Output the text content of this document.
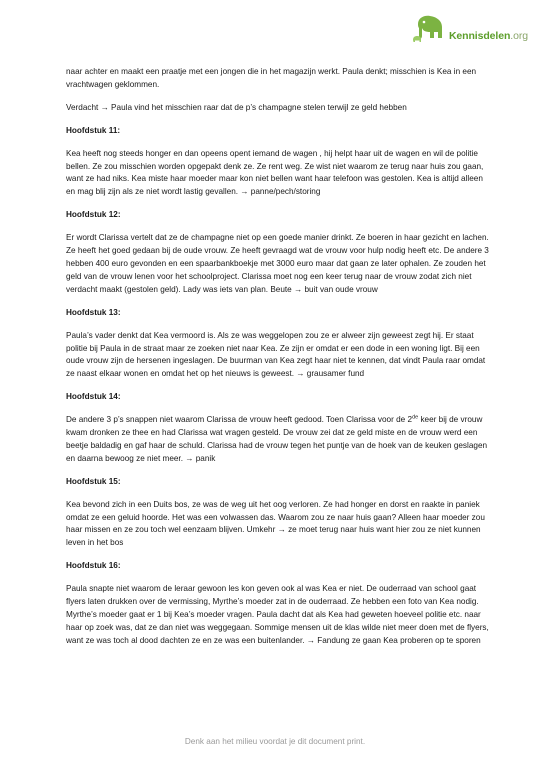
Kennisdelen.org

naar achter en maakt een praatje met een jongen die in het magazijn werkt. Paula denkt; misschien is Kea in een vrachtwagen geklommen.

Verdacht → Paula vind het misschien raar dat de p’s champagne stelen terwijl ze geld hebben

Hoofdstuk 11:

Kea heeft nog steeds honger en dan opeens opent iemand de wagen , hij helpt haar uit de wagen en wil de politie bellen. Ze zou misschien worden opgepakt denk ze. Ze rent weg. Ze wist niet waarom ze terug naar huis zou gaan, want ze had niks. Kea miste haar moeder maar kon niet bellen want haar telefoon was gestolen. Kea is altijd alleen en mag blij zijn als ze niet wordt lastig gevallen. → panne/pech/storing

Hoofdstuk 12:

Er wordt Clarissa vertelt dat ze de champagne niet op een goede manier drinkt. Ze boeren in haar gezicht en lachen. Ze heeft het goed gedaan bij de oude vrouw. Ze heeft gevraagd wat de vrouw voor hulp nodig heeft etc. De andere 3 hebben 400 euro gevonden en een spaarbankboekje met 3000 euro maar dat gaan ze later ophalen. Ze zouden het geld van de vrouw lenen voor het schoolproject. Clarissa moet nog een keer terug naar de vrouw zodat zich niet verdacht maakt (gestolen geld). Lady was iets van plan. Beute → buit van oude vrouw

Hoofdstuk 13:

Paula’s vader denkt dat Kea vermoord is. Als ze was weggelopen zou ze er alweer zijn geweest zegt hij. Er staat politie bij Paula in de straat maar ze zoeken niet naar Kea. Ze zijn er omdat er een dode in een woning ligt. Bij een oude vrouw zijn de hersenen ingeslagen. De buurman van Kea zegt haar niet te kennen, dat vindt Paula raar omdat ze naast elkaar wonen en omdat het op het nieuws is geweest. → grausamer fund

Hoofdstuk 14:

De andere 3 p’s snappen niet waarom Clarissa de vrouw heeft gedood. Toen Clarissa voor de 2de keer bij de vrouw kwam dronken ze thee en had Clarissa wat vragen gesteld. De vrouw zei dat ze geld miste en de vrouw werd een beetje baldadig en gaf haar de schuld. Clarissa had de vrouw tegen het puntje van de hoek van de keuken geslagen en daarna bewoog ze niet meer. → panik

Hoofdstuk 15:

Kea bevond zich in een Duits bos, ze was de weg uit het oog verloren. Ze had honger en dorst en raakte in paniek omdat ze een geluid hoorde. Het was een volwassen das. Waarom zou ze naar huis gaan? Alleen haar moeder zou haar missen en ze zou toch wel eenzaam blijven. Umkehr → ze moet terug naar huis want hier zou ze niet kunnen leven in het bos

Hoofdstuk 16:

Paula snapte niet waarom de leraar gewoon les kon geven ook al was Kea er niet. De ouderraad van school gaat flyers laten drukken over de vermissing, Myrthe’s moeder zat in de ouderraad. Ze hebben een foto van Kea nodig. Myrthe’s moeder gaat er 1 bij Kea’s moeder vragen. Paula dacht dat als Kea had geweten hoeveel politie etc. naar haar op zoek was, dat ze dan niet was weggegaan. Sommige mensen uit de klas wilde niet meer doen met de flyers, want ze was toch al dood dachten ze en ze was een buitenlander. → Fandung ze gaan Kea proberen op te sporen

Denk aan het milieu voordat je dit document print.
